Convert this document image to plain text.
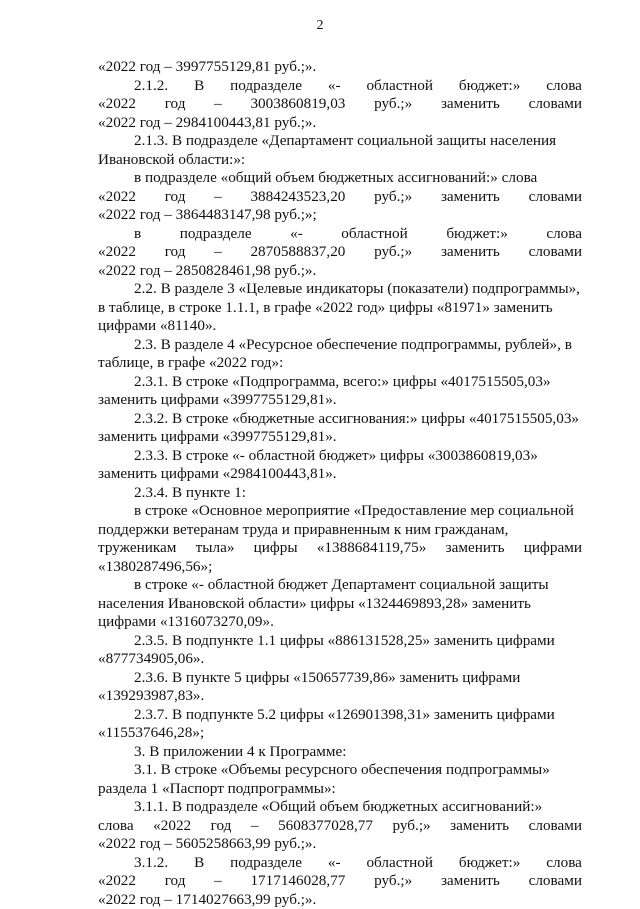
2
«2022 год – 3997755129,81 руб.;».
2.1.2. В подразделе «- областной бюджет:» слова
«2022 год – 3003860819,03 руб.;» заменить словами
«2022 год – 2984100443,81 руб.;».
2.1.3. В подразделе «Департамент социальной защиты населения
Ивановской области:»:
в подразделе «общий объем бюджетных ассигнований:» слова
«2022 год – 3884243523,20 руб.;» заменить словами
«2022 год – 3864483147,98 руб.;»;
в	подразделе	«-	областной	бюджет:»	слова
«2022 год – 2870588837,20 руб.;» заменить словами
«2022 год – 2850828461,98 руб.;».
2.2. В разделе 3 «Целевые индикаторы (показатели) подпрограммы»,
в таблице, в строке 1.1.1, в графе «2022 год» цифры «81971» заменить
цифрами «81140».
2.3. В разделе 4 «Ресурсное обеспечение подпрограммы, рублей», в
таблице, в графе «2022 год»:
2.3.1. В строке «Подпрограмма, всего:» цифры «4017515505,03»
заменить цифрами «3997755129,81».
2.3.2. В строке «бюджетные ассигнования:» цифры «4017515505,03»
заменить цифрами «3997755129,81».
2.3.3. В строке «- областной бюджет» цифры «3003860819,03»
заменить цифрами «2984100443,81».
2.3.4. В пункте 1:
в строке «Основное мероприятие «Предоставление мер социальной
поддержки ветеранам труда и приравненным к ним гражданам,
труженикам тыла» цифры «1388684119,75» заменить цифрами
«1380287496,56»;
в строке «- областной бюджет Департамент социальной защиты
населения Ивановской области» цифры «1324469893,28» заменить
цифрами «1316073270,09».
2.3.5. В подпункте 1.1 цифры «886131528,25» заменить цифрами
«877734905,06».
2.3.6. В пункте 5 цифры «150657739,86» заменить цифрами
«139293987,83».
2.3.7. В подпункте 5.2 цифры «126901398,31» заменить цифрами
«115537646,28»;
3. В приложении 4 к Программе:
3.1. В строке «Объемы ресурсного обеспечения подпрограммы»
раздела 1 «Паспорт подпрограммы»:
3.1.1. В подразделе «Общий объем бюджетных ассигнований:»
слова «2022 год – 5608377028,77 руб.;» заменить словами
«2022 год – 5605258663,99 руб.;».
3.1.2. В подразделе «- областной бюджет:» слова
«2022 год – 1717146028,77 руб.;» заменить словами
«2022 год – 1714027663,99 руб.;».
